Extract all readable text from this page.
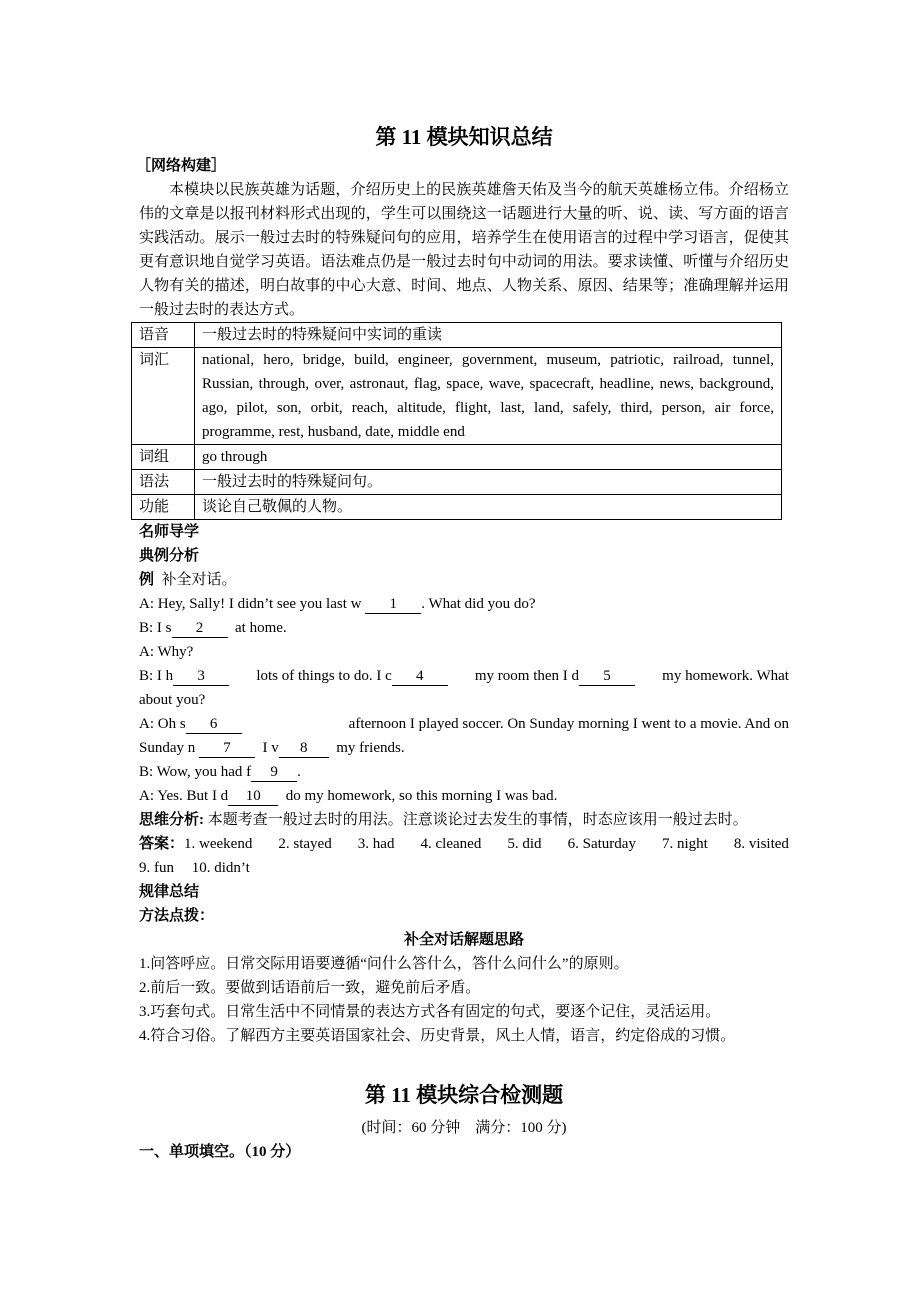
第 11 模块知识总结
［网络构建］

本模块以民族英雄为话题，介绍历史上的民族英雄詹天佑及当今的航天英雄杨立伟。介绍杨立伟的文章是以报刊材料形式出现的，学生可以围绕这一话题进行大量的听、说、读、写方面的语言实践活动。展示一般过去时的特殊疑问句的应用，培养学生在使用语言的过程中学习语言，促使其更有意识地自觉学习英语。语法难点仍是一般过去时句中动词的用法。要求读懂、听懂与介绍历史人物有关的描述，明白故事的中心大意、时间、地点、人物关系、原因、结果等；准确理解并运用一般过去时的表达方式。

语音	一般过去时的特殊疑问中实词的重读
词汇	national, hero, bridge, build, engineer, government, museum, patriotic, railroad, tunnel, Russian, through, over, astronaut, flag, space, wave, spacecraft, headline, news, background, ago, pilot, son, orbit, reach, altitude, flight, last, land, safely, third, person, air force, programme, rest, husband, date, middle end
词组	go through
语法	一般过去时的特殊疑问句。
功能	谈论自己敬佩的人物。
名师导学
典例分析
例 补全对话。
A: Hey, Sally! I didn’t see you last w 1 . What did you do?
B: I s 2 at home.
A: Why?
B: I h 3	lots of things to do. I c 4	my room then I d 5	my homework. What
about you?
A: Oh s 6	afternoon I played soccer. On Sunday morning I went to a movie. And on
Sunday n 7 I v 8 my friends.
B: Wow, you had f 9 .
A: Yes. But I d 10 do my homework, so this morning I was bad.
思维分析: 本题考查一般过去时的用法。注意谈论过去发生的事情，时态应该用一般过去时。
答案：1. weekend 2. stayed 3. had 4. cleaned 5. did 6. Saturday 7. night 8. visited
9. fun 10. didn’t
规律总结
方法点拨：
补全对话解题思路
1.问答呼应。日常交际用语要遵循“问什么答什么，答什么问什么”的原则。
2.前后一致。要做到话语前后一致，避免前后矛盾。
3.巧套句式。日常生活中不同情景的表达方式各有固定的句式，要逐个记住，灵活运用。
4.符合习俗。了解西方主要英语国家社会、历史背景，风土人情，语言，约定俗成的习惯。
第 11 模块综合检测题
(时间：60 分钟　满分：100 分)
一、单项填空。（10 分）
